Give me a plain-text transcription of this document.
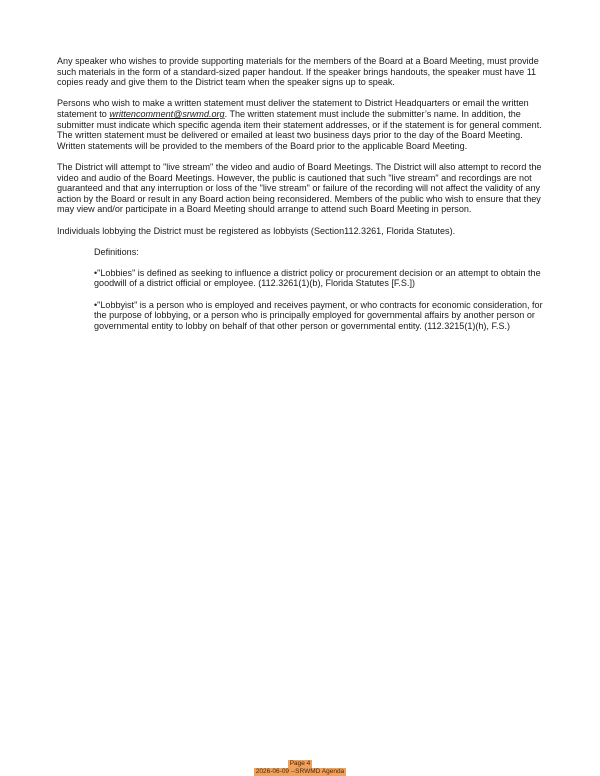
Any speaker who wishes to provide supporting materials for the members of the Board at a Board Meeting, must provide such materials in the form of a standard-sized paper handout. If the speaker brings handouts, the speaker must have 11 copies ready and give them to the District team when the speaker signs up to speak.

Persons who wish to make a written statement must deliver the statement to District Headquarters or email the written statement to writtencomment@srwmd.org. The written statement must include the submitter’s name. In addition, the submitter must indicate which specific agenda item their statement addresses, or if the statement is for general comment. The written statement must be delivered or emailed at least two business days prior to the day of the Board Meeting. Written statements will be provided to the members of the Board prior to the applicable Board Meeting.

The District will attempt to "live stream" the video and audio of Board Meetings. The District will also attempt to record the video and audio of the Board Meetings. However, the public is cautioned that such "live stream" and recordings are not guaranteed and that any interruption or loss of the "live stream" or failure of the recording will not affect the validity of any action by the Board or result in any Board action being reconsidered. Members of the public who wish to ensure that they may view and/or participate in a Board Meeting should arrange to attend such Board Meeting in person.

Individuals lobbying the District must be registered as lobbyists (Section112.3261, Florida Statutes).

Definitions:

•"Lobbies" is defined as seeking to influence a district policy or procurement decision or an attempt to obtain the goodwill of a district official or employee. (112.3261(1)(b), Florida Statutes [F.S.])

•"Lobbyist" is a person who is employed and receives payment, or who contracts for economic consideration, for the purpose of lobbying, or a person who is principally employed for governmental affairs by another person or governmental entity to lobby on behalf of that other person or governmental entity. (112.3215(1)(h), F.S.)

Page 4
2026-06-09 --SRWMD Agenda
